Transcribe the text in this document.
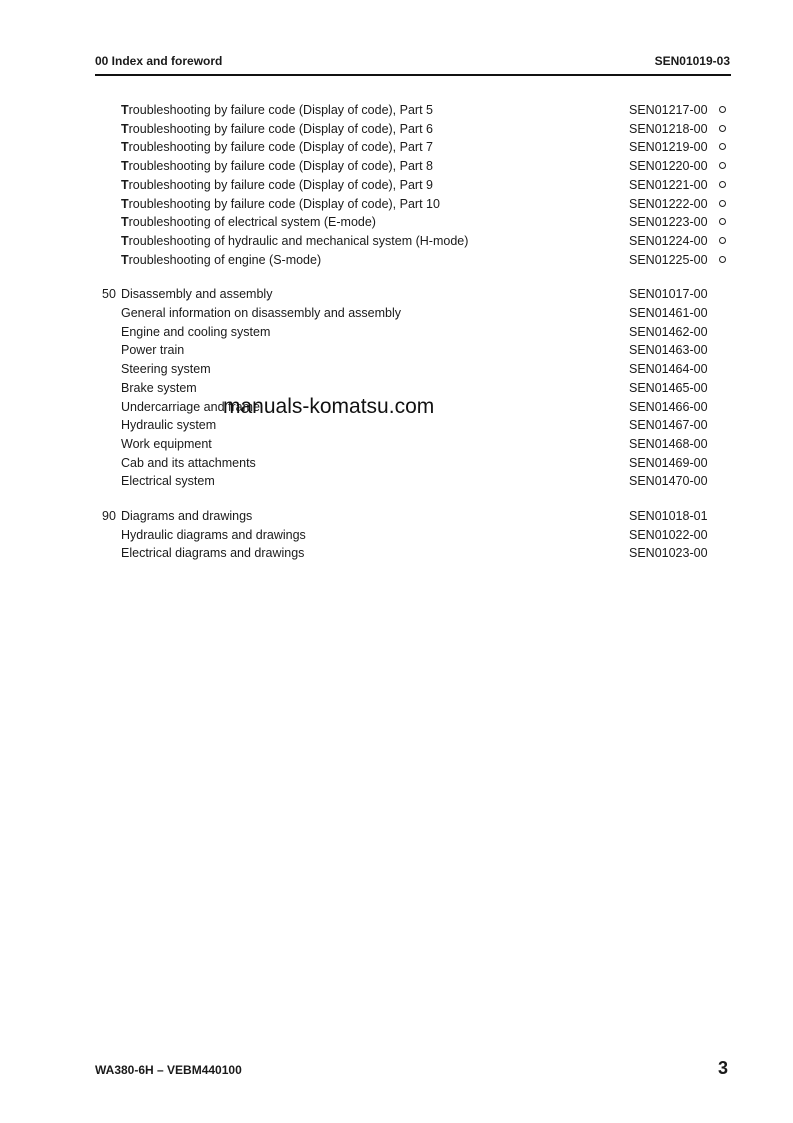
00 Index and foreword	SEN01019-03
Troubleshooting by failure code (Display of code), Part 5	SEN01217-00
Troubleshooting by failure code (Display of code), Part 6	SEN01218-00
Troubleshooting by failure code (Display of code), Part 7	SEN01219-00
Troubleshooting by failure code (Display of code), Part 8	SEN01220-00
Troubleshooting by failure code (Display of code), Part 9	SEN01221-00
Troubleshooting by failure code (Display of code), Part 10	SEN01222-00
Troubleshooting of electrical system (E-mode)	SEN01223-00
Troubleshooting of hydraulic and mechanical system (H-mode)	SEN01224-00
Troubleshooting of engine (S-mode)	SEN01225-00
50 Disassembly and assembly	SEN01017-00
General information on disassembly and assembly	SEN01461-00
Engine and cooling system	SEN01462-00
Power train	SEN01463-00
Steering system	SEN01464-00
Brake system	SEN01465-00
Undercarriage and frame	SEN01466-00
Hydraulic system	SEN01467-00
Work equipment	SEN01468-00
Cab and its attachments	SEN01469-00
Electrical system	SEN01470-00
90 Diagrams and drawings	SEN01018-01
Hydraulic diagrams and drawings	SEN01022-00
Electrical diagrams and drawings	SEN01023-00
manuals-komatsu.com
WA380-6H – VEBM440100	3
